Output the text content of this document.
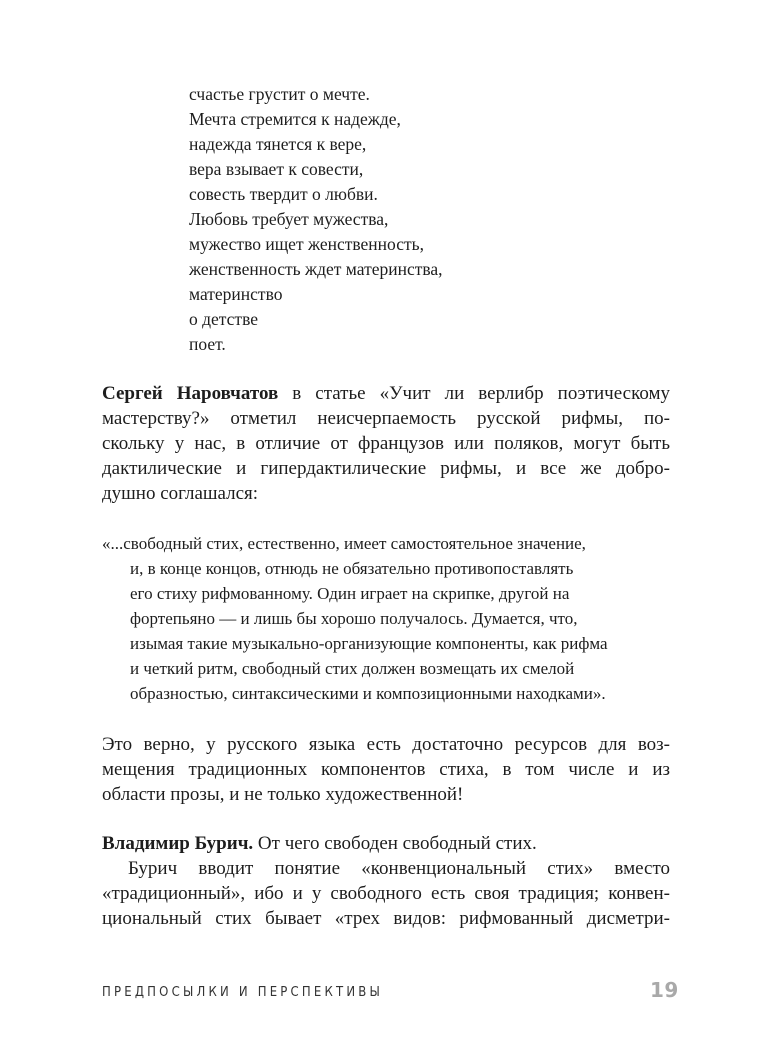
счастье грустит о мечте.
Мечта стремится к надежде,
надежда тянется к вере,
вера взывает к совести,
совесть твердит о любви.
Любовь требует мужества,
мужество ищет женственность,
женственность ждет материнства,
материнство
о детстве
поет.
Сергей Наровчатов в статье «Учит ли верлибр поэтическому
мастерству?» отметил неисчерпаемость русской рифмы, по-
скольку у нас, в отличие от французов или поляков, могут быть
дактилические и гипердактилические рифмы, и все же добро-
душно соглашался:
«...свободный стих, естественно, имеет самостоятельное значение,
и, в конце концов, отнюдь не обязательно противопоставлять
его стиху рифмованному. Один играет на скрипке, другой на
фортепьяно — и лишь бы хорошо получалось. Думается, что,
изымая такие музыкально-организующие компоненты, как рифма
и четкий ритм, свободный стих должен возмещать их смелой
образностью, синтаксическими и композиционными находками».
Это верно, у русского языка есть достаточно ресурсов для воз-
мещения традиционных компонентов стиха, в том числе и из
области прозы, и не только художественной!
Владимир Бурич. От чего свободен свободный стих.
Бурич вводит понятие «конвенциональный стих» вместо
«традиционный», ибо и у свободного есть своя традиция; конвен-
циональный стих бывает «трех видов: рифмованный дисметри-
ПРЕДПОСЫЛКИ И ПЕРСПЕКТИВЫ	19
